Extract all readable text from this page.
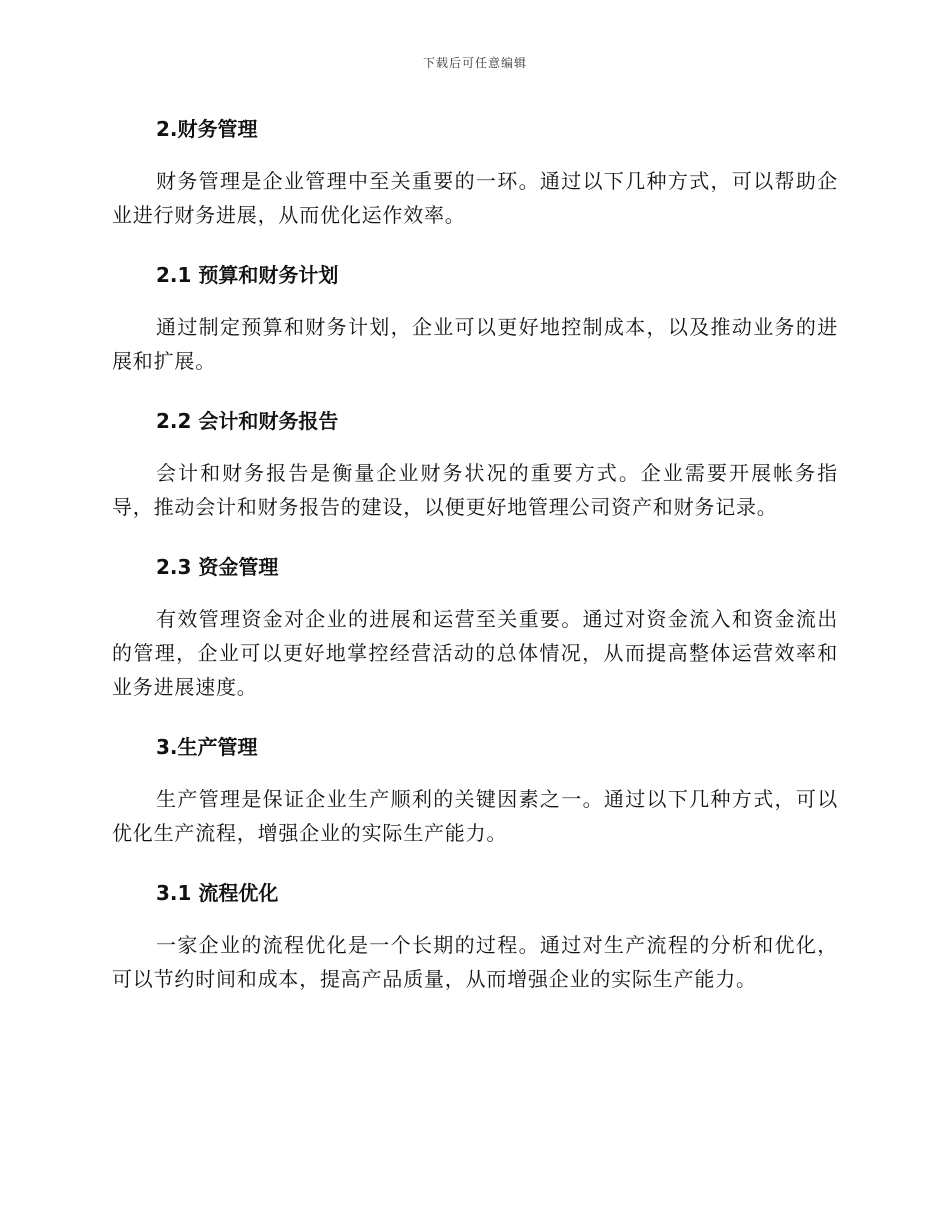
下载后可任意编辑
2.财务管理
财务管理是企业管理中至关重要的一环。通过以下几种方式，可以帮助企业进行财务进展，从而优化运作效率。
2.1 预算和财务计划
通过制定预算和财务计划，企业可以更好地控制成本，以及推动业务的进展和扩展。
2.2 会计和财务报告
会计和财务报告是衡量企业财务状况的重要方式。企业需要开展帐务指导，推动会计和财务报告的建设，以便更好地管理公司资产和财务记录。
2.3 资金管理
有效管理资金对企业的进展和运营至关重要。通过对资金流入和资金流出的管理，企业可以更好地掌控经营活动的总体情况，从而提高整体运营效率和业务进展速度。
3.生产管理
生产管理是保证企业生产顺利的关键因素之一。通过以下几种方式，可以优化生产流程，增强企业的实际生产能力。
3.1 流程优化
一家企业的流程优化是一个长期的过程。通过对生产流程的分析和优化，可以节约时间和成本，提高产品质量，从而增强企业的实际生产能力。
